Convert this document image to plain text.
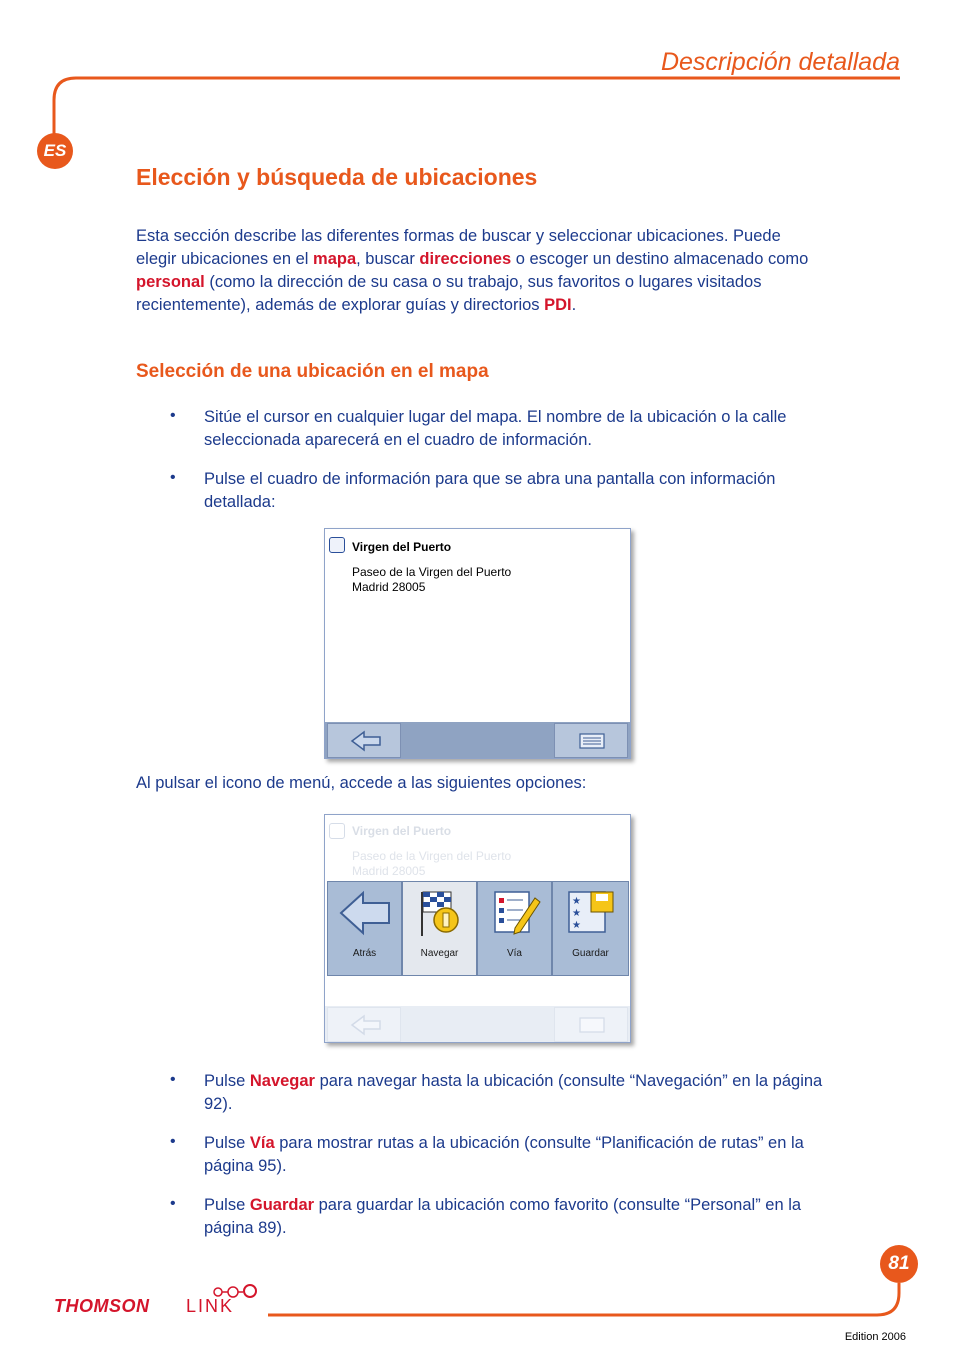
Descripción detallada
ES
Elección y búsqueda de ubicaciones
Esta sección describe las diferentes formas de buscar y seleccionar ubicaciones. Puede elegir ubicaciones en el mapa, buscar direcciones o escoger un destino almacenado como personal (como la dirección de su casa o su trabajo, sus favoritos o lugares visitados recientemente), además de explorar guías y directorios PDI.
Selección de una ubicación en el mapa
• Sitúe el cursor en cualquier lugar del mapa. El nombre de la ubicación o la calle seleccionada aparecerá en el cuadro de información.
• Pulse el cuadro de información para que se abra una pantalla con información detallada:
Virgen del Puerto
Paseo de la Virgen del Puerto
Madrid 28005
Al pulsar el icono de menú, accede a las siguientes opciones:
Virgen del Puerto
Paseo de la Virgen del Puerto
Madrid 28005
Atrás	Navegar	Vía
★
★
★
Guardar
• Pulse Navegar para navegar hasta la ubicación (consulte “Navegación” en la página 92).
• Pulse Vía para mostrar rutas a la ubicación (consulte “Planificación de rutas” en la página 95).
• Pulse Guardar para guardar la ubicación como favorito (consulte “Personal” en la página 89).
81
THOMSON LINK
Edition 2006
